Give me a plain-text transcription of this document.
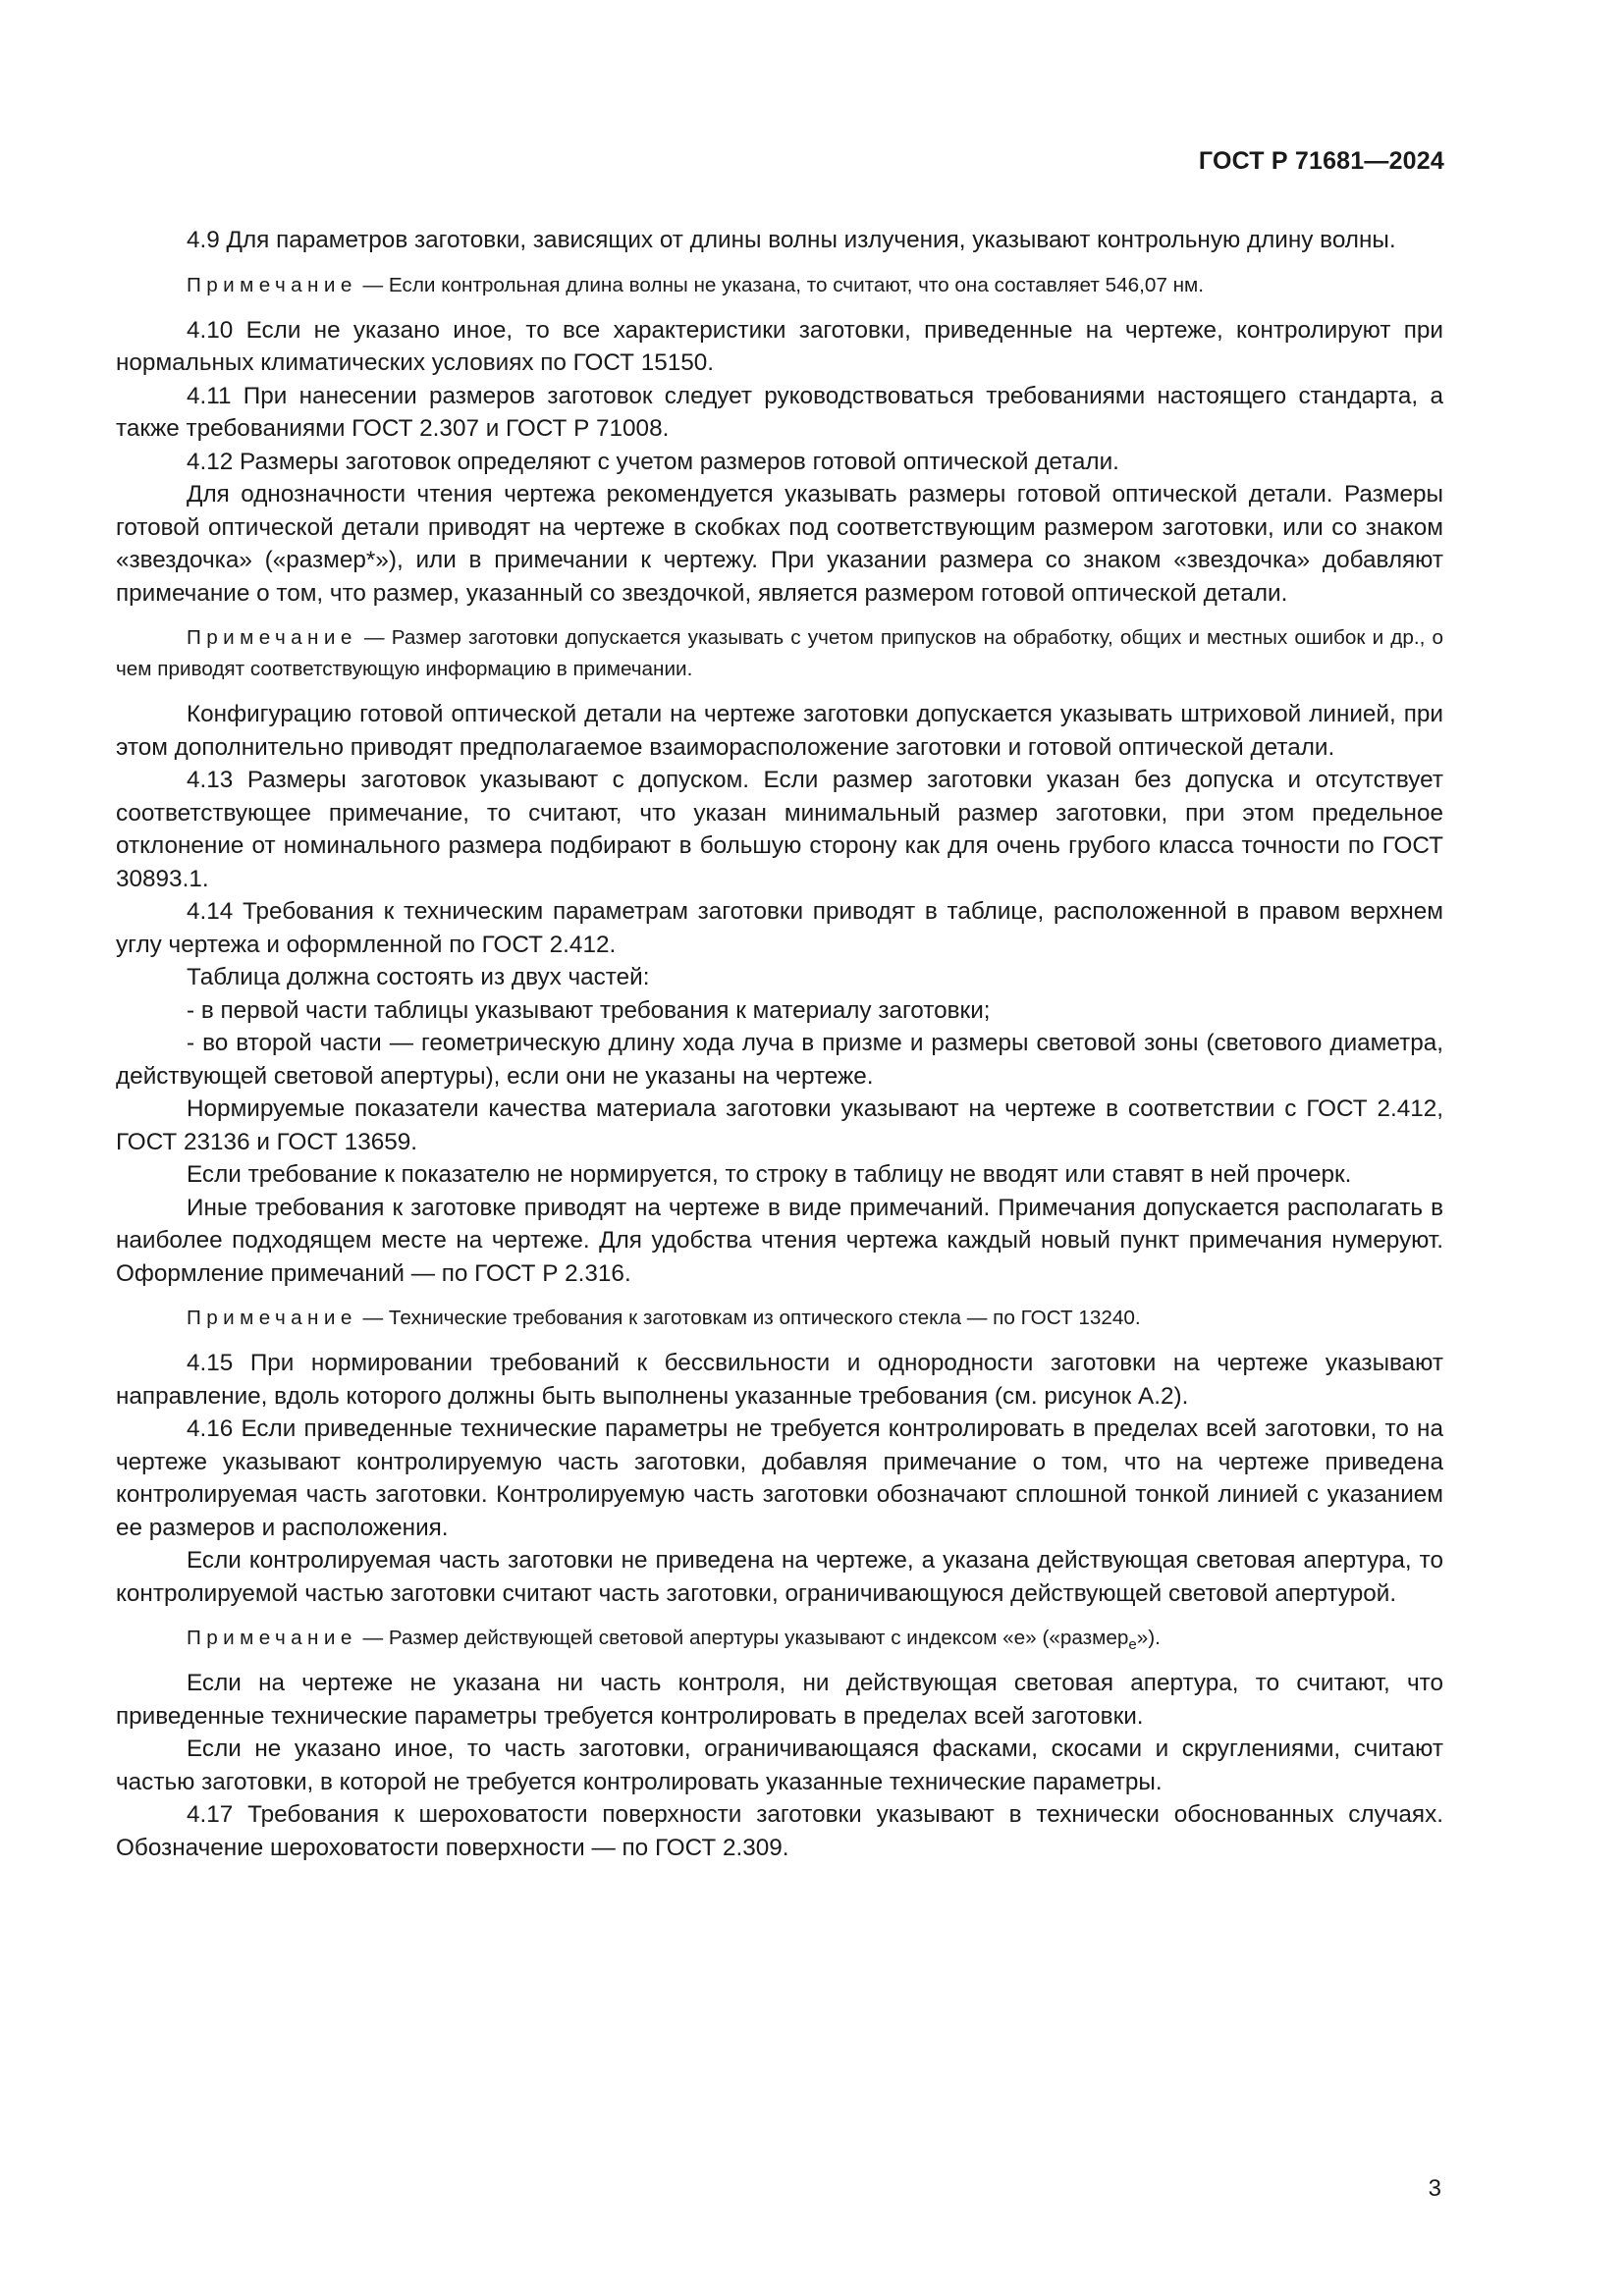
ГОСТ Р 71681—2024

4.9 Для параметров заготовки, зависящих от длины волны излучения, указывают контрольную длину волны.

Примечание — Если контрольная длина волны не указана, то считают, что она составляет 546,07 нм.

4.10 Если не указано иное, то все характеристики заготовки, приведенные на чертеже, контролируют при нормальных климатических условиях по ГОСТ 15150.

4.11 При нанесении размеров заготовок следует руководствоваться требованиями настоящего стандарта, а также требованиями ГОСТ 2.307 и ГОСТ Р 71008.

4.12 Размеры заготовок определяют с учетом размеров готовой оптической детали.

Для однозначности чтения чертежа рекомендуется указывать размеры готовой оптической детали. Размеры готовой оптической детали приводят на чертеже в скобках под соответствующим размером заготовки, или со знаком «звездочка» («размер*»), или в примечании к чертежу. При указании размера со знаком «звездочка» добавляют примечание о том, что размер, указанный со звездочкой, является размером готовой оптической детали.

Примечание — Размер заготовки допускается указывать с учетом припусков на обработку, общих и местных ошибок и др., о чем приводят соответствующую информацию в примечании.

Конфигурацию готовой оптической детали на чертеже заготовки допускается указывать штриховой линией, при этом дополнительно приводят предполагаемое взаиморасположение заготовки и готовой оптической детали.

4.13 Размеры заготовок указывают с допуском. Если размер заготовки указан без допуска и отсутствует соответствующее примечание, то считают, что указан минимальный размер заготовки, при этом предельное отклонение от номинального размера подбирают в большую сторону как для очень грубого класса точности по ГОСТ 30893.1.

4.14 Требования к техническим параметрам заготовки приводят в таблице, расположенной в правом верхнем углу чертежа и оформленной по ГОСТ 2.412.

Таблица должна состоять из двух частей:

- в первой части таблицы указывают требования к материалу заготовки;

- во второй части — геометрическую длину хода луча в призме и размеры световой зоны (светового диаметра, действующей световой апертуры), если они не указаны на чертеже.

Нормируемые показатели качества материала заготовки указывают на чертеже в соответствии с ГОСТ 2.412, ГОСТ 23136 и ГОСТ 13659.

Если требование к показателю не нормируется, то строку в таблицу не вводят или ставят в ней прочерк.

Иные требования к заготовке приводят на чертеже в виде примечаний. Примечания допускается располагать в наиболее подходящем месте на чертеже. Для удобства чтения чертежа каждый новый пункт примечания нумеруют. Оформление примечаний — по ГОСТ Р 2.316.

Примечание — Технические требования к заготовкам из оптического стекла — по ГОСТ 13240.

4.15 При нормировании требований к бессвильности и однородности заготовки на чертеже указывают направление, вдоль которого должны быть выполнены указанные требования (см. рисунок А.2).

4.16 Если приведенные технические параметры не требуется контролировать в пределах всей заготовки, то на чертеже указывают контролируемую часть заготовки, добавляя примечание о том, что на чертеже приведена контролируемая часть заготовки. Контролируемую часть заготовки обозначают сплошной тонкой линией с указанием ее размеров и расположения.

Если контролируемая часть заготовки не приведена на чертеже, а указана действующая световая апертура, то контролируемой частью заготовки считают часть заготовки, ограничивающуюся действующей световой апертурой.

Примечание — Размер действующей световой апертуры указывают с индексом «е» («размер$_e$»).

Если на чертеже не указана ни часть контроля, ни действующая световая апертура, то считают, что приведенные технические параметры требуется контролировать в пределах всей заготовки.

Если не указано иное, то часть заготовки, ограничивающаяся фасками, скосами и скруглениями, считают частью заготовки, в которой не требуется контролировать указанные технические параметры.

4.17 Требования к шероховатости поверхности заготовки указывают в технически обоснованных случаях. Обозначение шероховатости поверхности — по ГОСТ 2.309.

3
